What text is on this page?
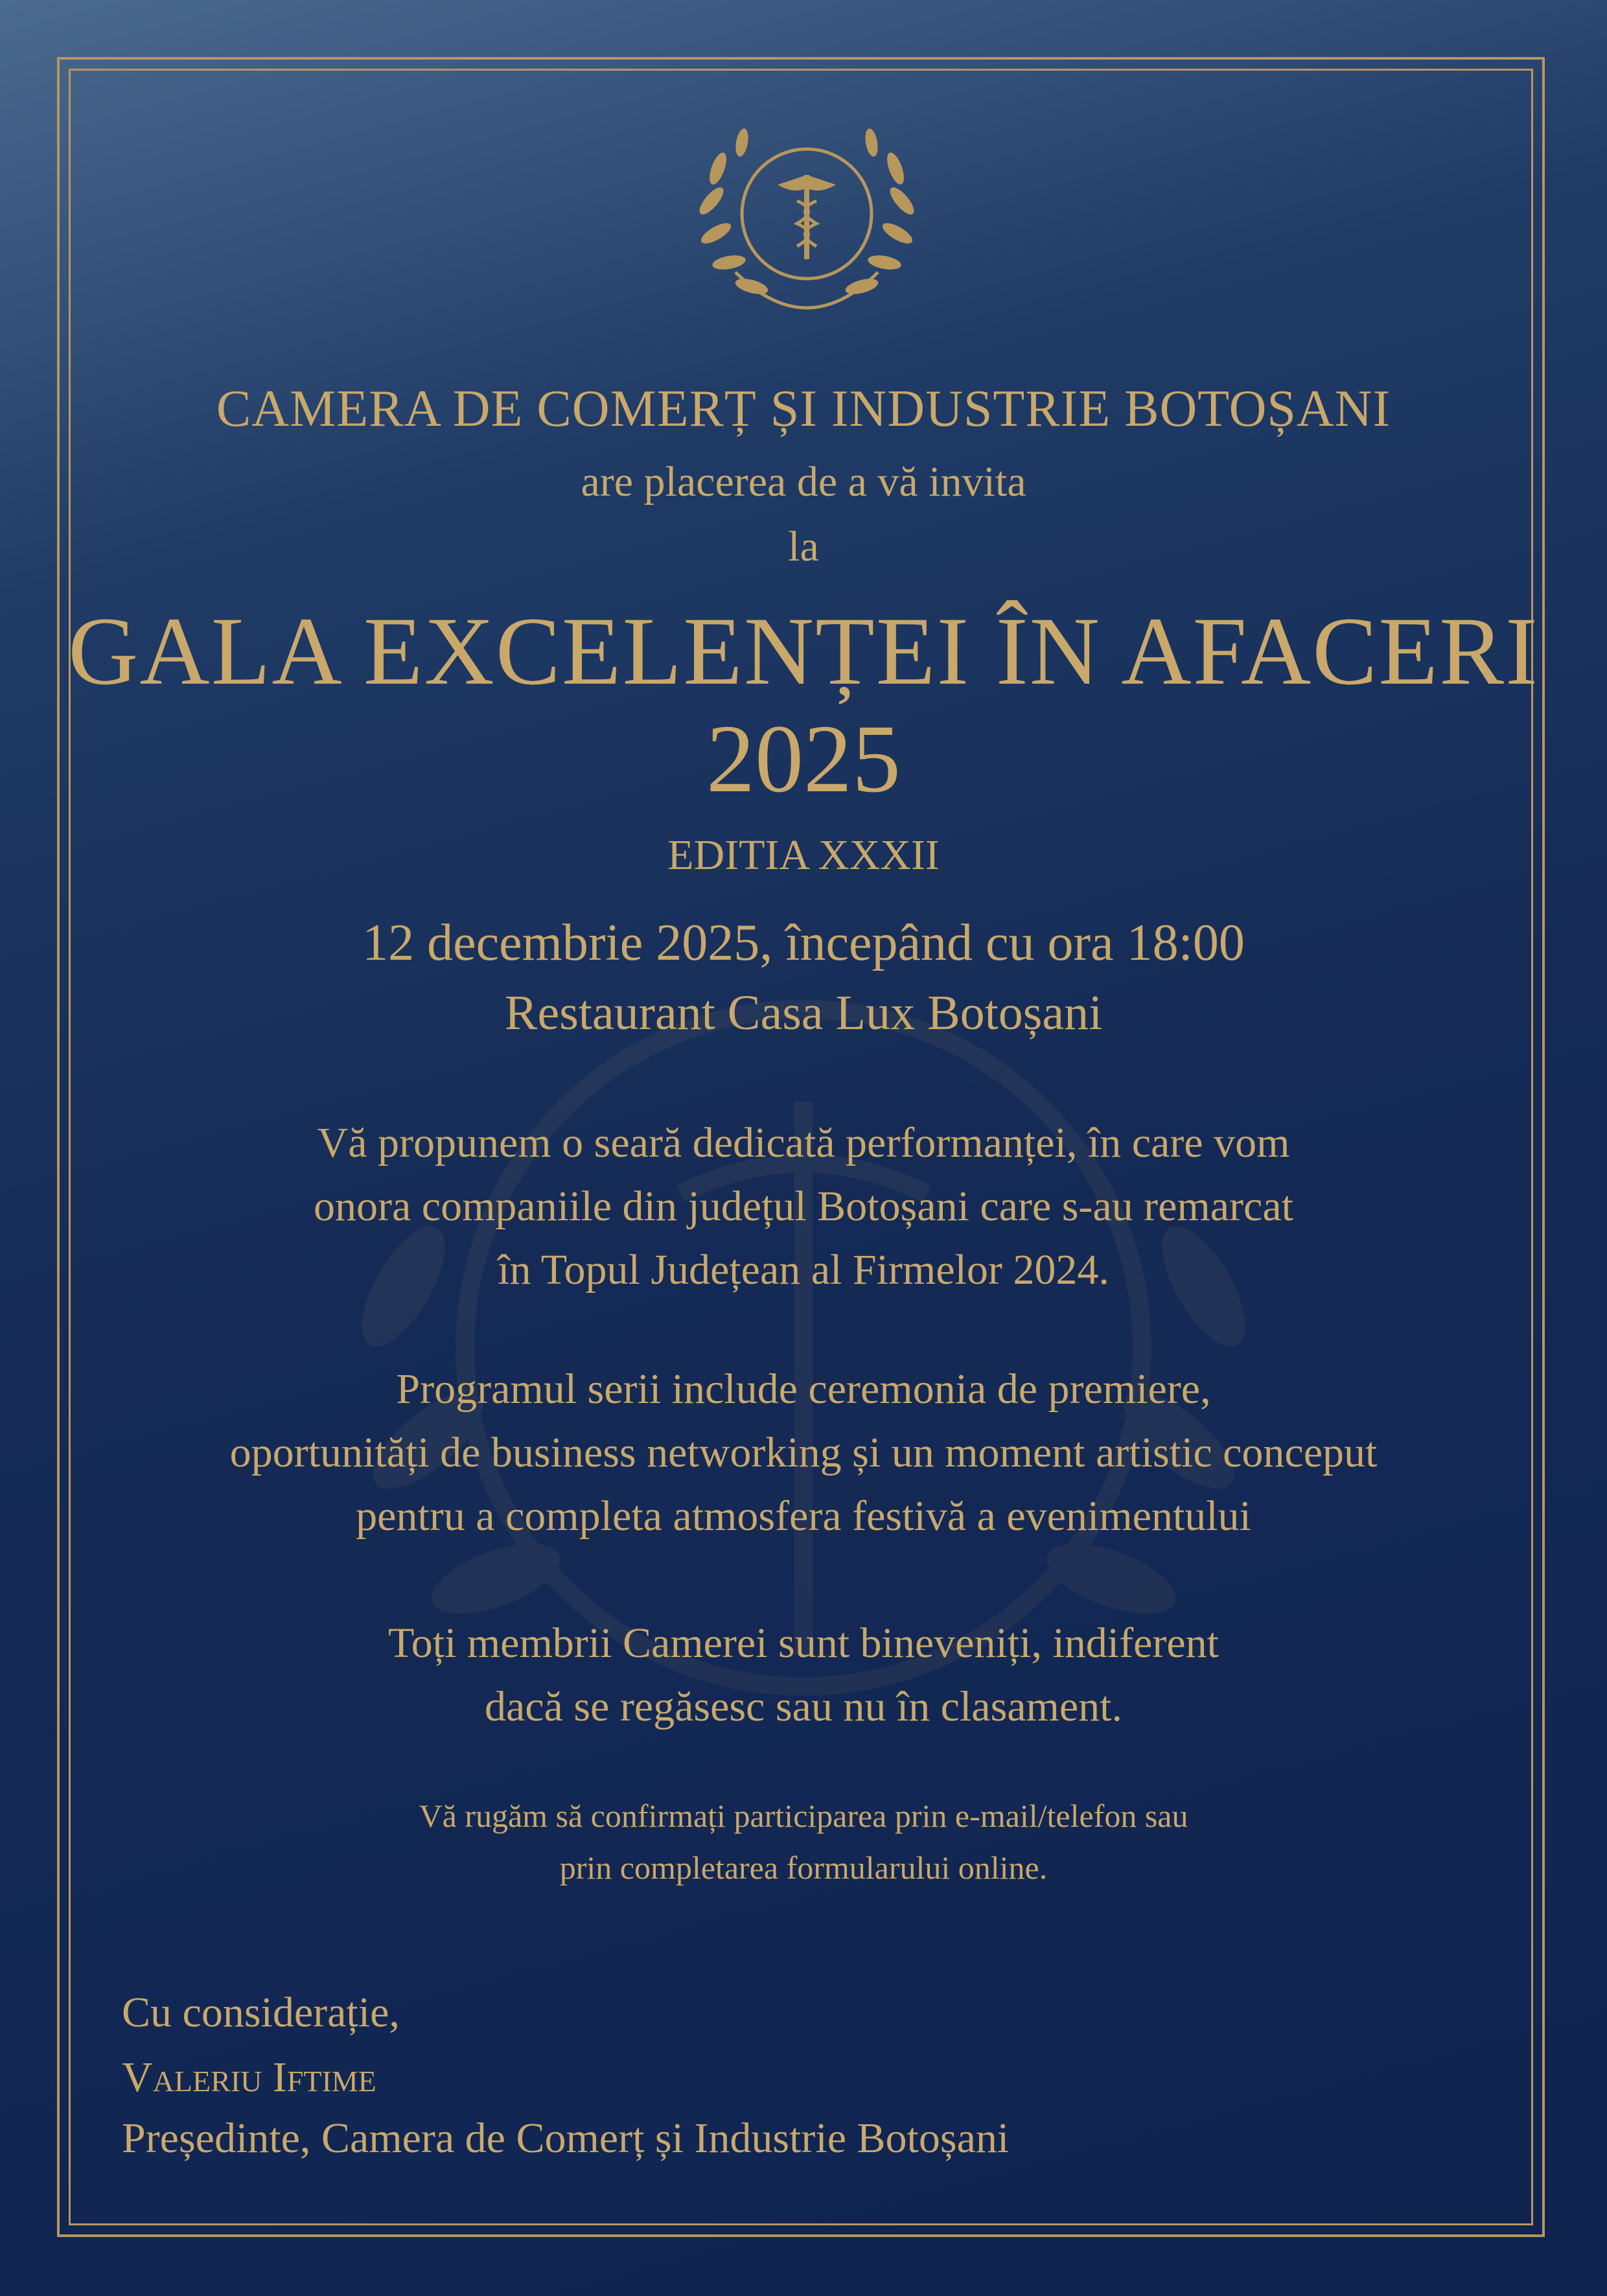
CAMERA DE COMERȚ ȘI INDUSTRIE BOTOȘANI
are placerea de a vă invita
la
GALA EXCELENȚEI ÎN AFACERI
2025
EDITIA XXXII
12 decembrie 2025, începând cu ora 18:00
Restaurant Casa Lux Botoșani
Vă propunem o seară dedicată performanței, în care vom
onora companiile din județul Botoșani care s-au remarcat
în Topul Județean al Firmelor 2024.
Programul serii include ceremonia de premiere,
oportunități de business networking și un moment artistic conceput
pentru a completa atmosfera festivă a evenimentului
Toți membrii Camerei sunt bineveniți, indiferent
dacă se regăsesc sau nu în clasament.
Vă rugăm să confirmați participarea prin e-mail/telefon sau
prin completarea formularului online.
Cu considerație,
Valeriu Iftime
Președinte, Camera de Comerț și Industrie Botoșani
